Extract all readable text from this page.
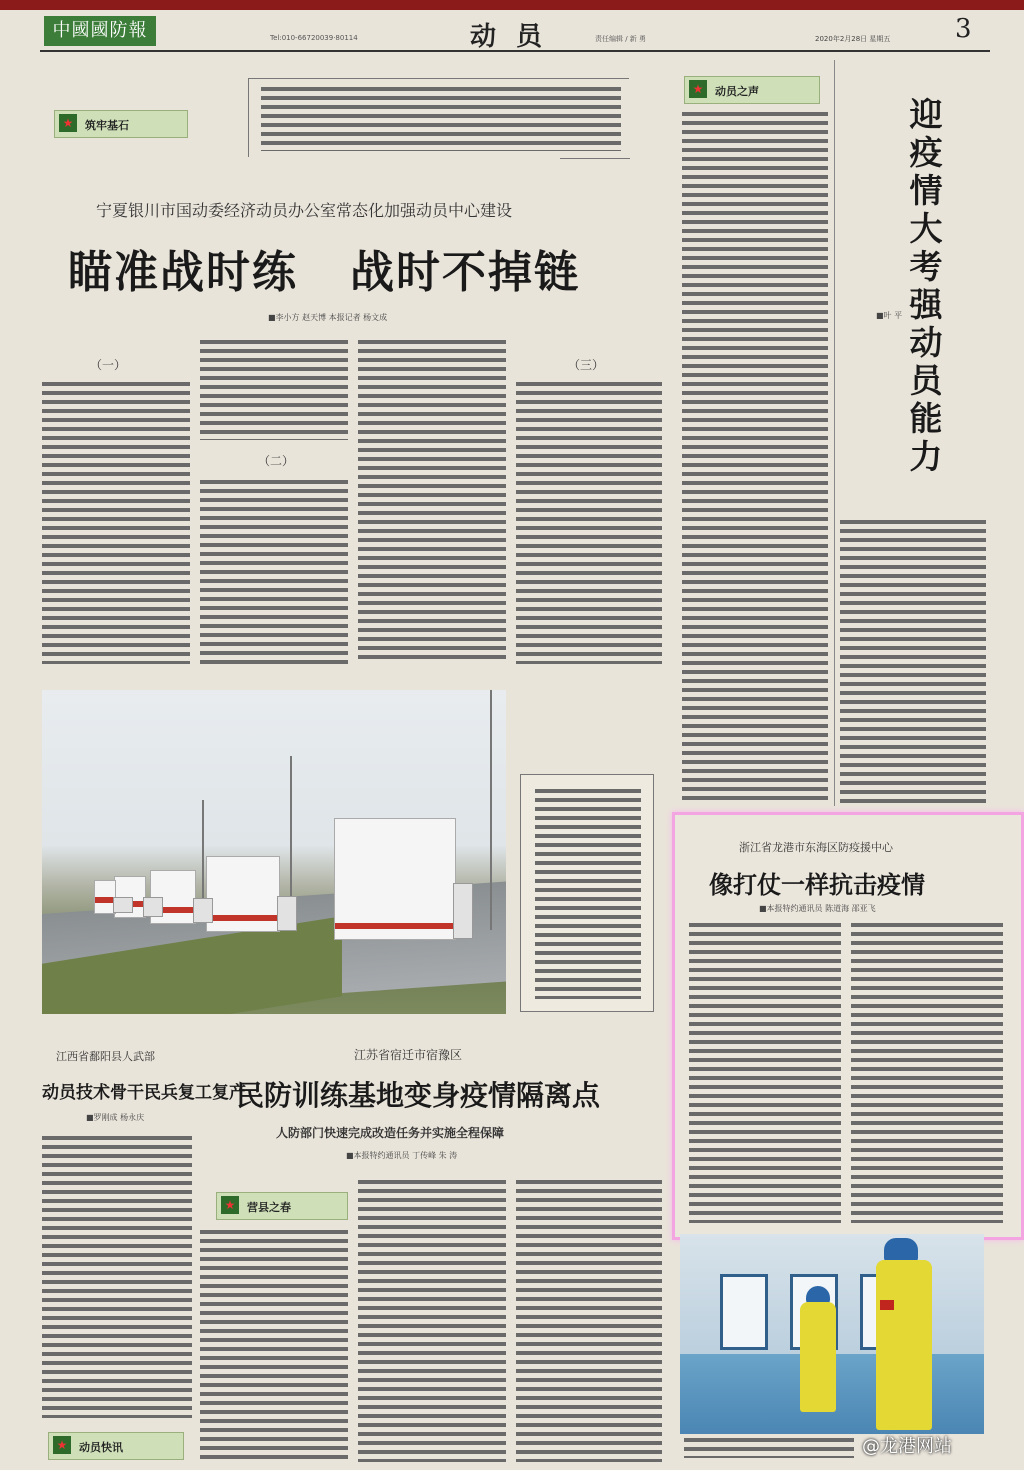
中國國防報	Tel:010-66720039·80114	动员	责任编辑 / 新 勇	2020年2月28日 星期五 3
★	筑牢基石
★	动员之声
宁夏银川市国动委经济动员办公室常态化加强动员中心建设
瞄准战时练   战时不掉链
■李小方 赵天博 本报记者 杨文成
（一）
（二）
（三）
迎疫情大考 强动员能力
■叶 平
浙江省龙港市东海区防疫援中心
像打仗一样抗击疫情
■本报特约通讯员 陈道海 邵亚飞
江西省鄱阳县人武部
动员技术骨干民兵复工复产
■罗刚成 杨永庆
★	动员快讯
江苏省宿迁市宿豫区
民防训练基地变身疫情隔离点
人防部门快速完成改造任务并实施全程保障
■本报特约通讯员 丁传峰 朱 涛
★	营县之春
@龙港网站
